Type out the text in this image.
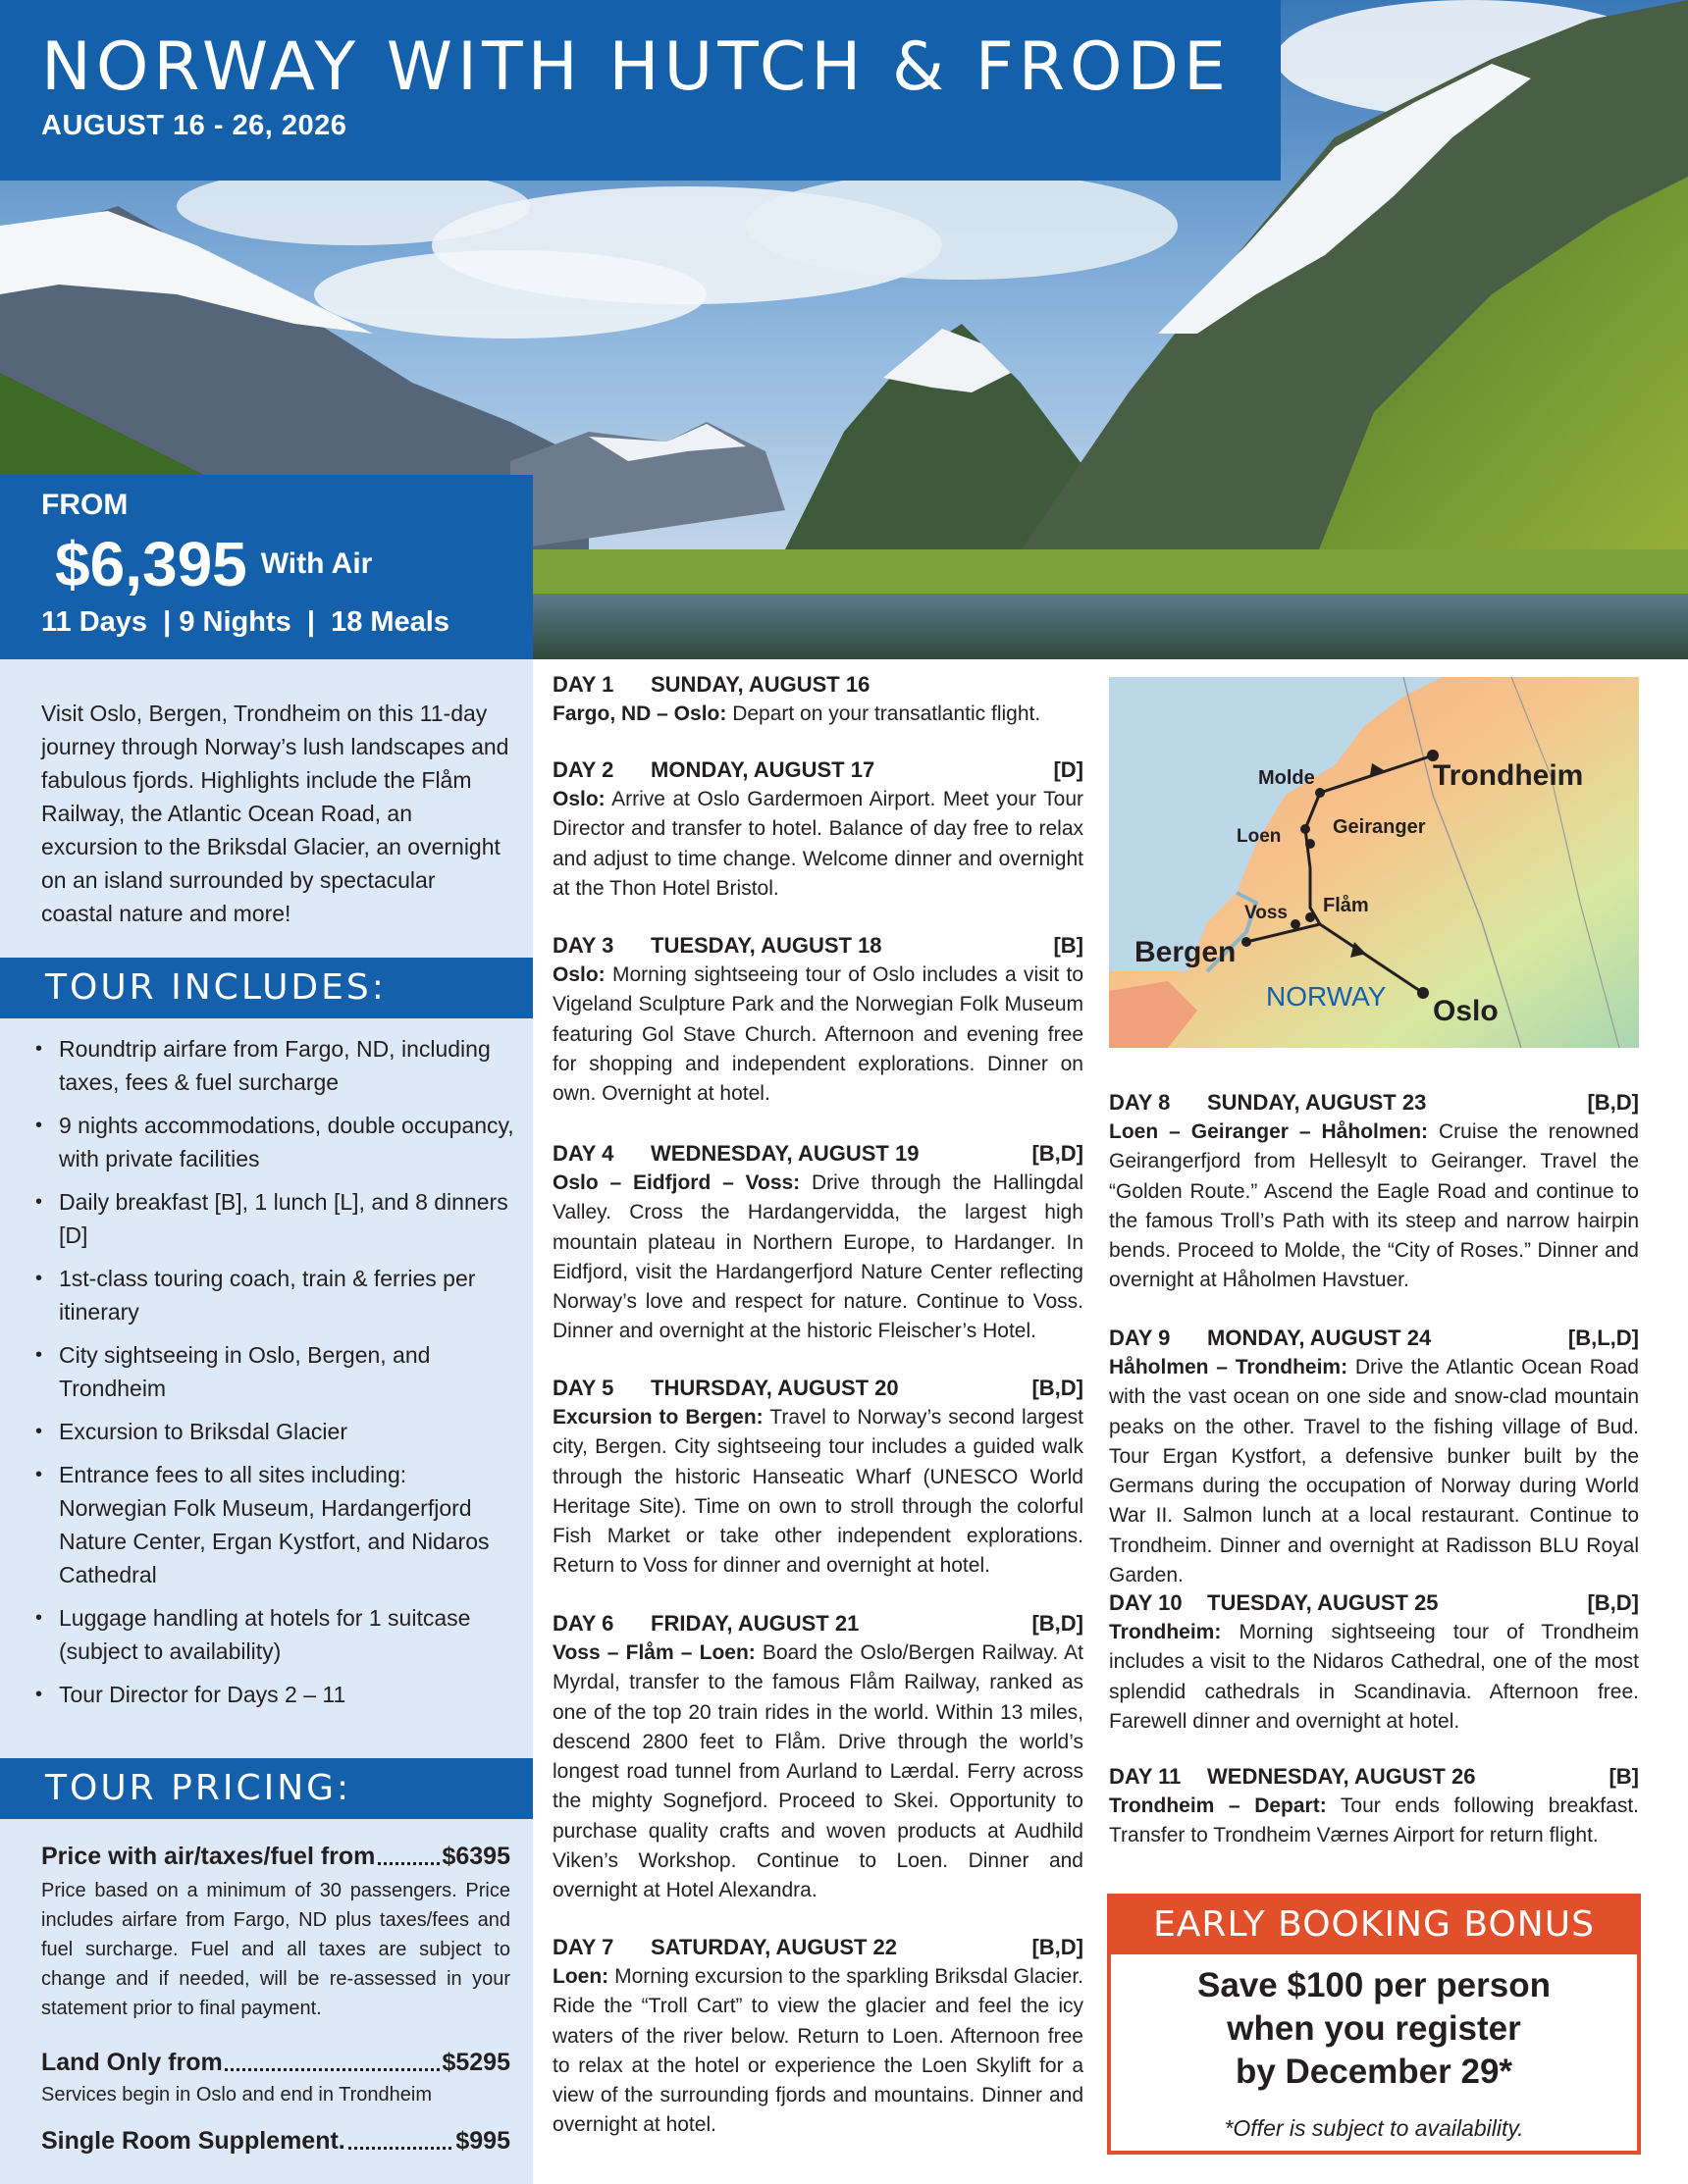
NORWAY WITH HUTCH & FRODE
AUGUST 16 - 26, 2026
FROM
$6,395 With Air
11 Days  | 9 Nights  |  18 Meals

Visit Oslo, Bergen, Trondheim on this 11-day journey through Norway’s lush landscapes and fabulous fjords. Highlights include the Flåm Railway, the Atlantic Ocean Road, an excursion to the Briksdal Glacier, an overnight on an island surrounded by spectacular coastal nature and more!

TOUR INCLUDES:
• Roundtrip airfare from Fargo, ND, including taxes, fees & fuel surcharge
• 9 nights accommodations, double occupancy, with private facilities
• Daily breakfast [B], 1 lunch [L], and 8 dinners [D]
• 1st-class touring coach, train & ferries per itinerary
• City sightseeing in Oslo, Bergen, and Trondheim
• Excursion to Briksdal Glacier
• Entrance fees to all sites including: Norwegian Folk Museum, Hardangerfjord Nature Center, Ergan Kystfort, and Nidaros Cathedral
• Luggage handling at hotels for 1 suitcase (subject to availability)
• Tour Director for Days 2 – 11
TOUR PRICING:
Price with air/taxes/fuel from	$6395

Price based on a minimum of 30 passengers. Price includes airfare from Fargo, ND plus taxes/fees and fuel surcharge. Fuel and all taxes are subject to change and if needed, will be re-assessed in your statement prior to final payment.

Land Only from	$5295

Services begin in Oslo and end in Trondheim

Single Room Supplement.	$995
DAY 1 SUNDAY, AUGUST 16
Fargo, ND – Oslo: Depart on your transatlantic flight.
DAY 2 MONDAY, AUGUST 17	[D]
Oslo: Arrive at Oslo Gardermoen Airport. Meet your Tour Director and transfer to hotel. Balance of day free to relax and adjust to time change. Welcome dinner and overnight at the Thon Hotel Bristol.
DAY 3 TUESDAY, AUGUST 18	[B]
Oslo: Morning sightseeing tour of Oslo includes a visit to Vigeland Sculpture Park and the Norwegian Folk Museum featuring Gol Stave Church. Afternoon and evening free for shopping and independent explorations. Dinner on own. Overnight at hotel.
DAY 4 WEDNESDAY, AUGUST 19	[B,D]
Oslo – Eidfjord – Voss: Drive through the Hallingdal Valley. Cross the Hardangervidda, the largest high mountain plateau in Northern Europe, to Hardanger. In Eidfjord, visit the Hardangerfjord Nature Center reflecting Norway’s love and respect for nature. Continue to Voss. Dinner and overnight at the historic Fleischer’s Hotel.
DAY 5 THURSDAY, AUGUST 20	[B,D]
Excursion to Bergen: Travel to Norway’s second largest city, Bergen. City sightseeing tour includes a guided walk through the historic Hanseatic Wharf (UNESCO World Heritage Site). Time on own to stroll through the colorful Fish Market or take other independent explorations. Return to Voss for dinner and overnight at hotel.
DAY 6 FRIDAY, AUGUST 21	[B,D]
Voss – Flåm – Loen: Board the Oslo/Bergen Railway. At Myrdal, transfer to the famous Flåm Railway, ranked as one of the top 20 train rides in the world. Within 13 miles, descend 2800 feet to Flåm. Drive through the world’s longest road tunnel from Aurland to Lærdal. Ferry across the mighty Sognefjord. Proceed to Skei. Opportunity to purchase quality crafts and woven products at Audhild Viken’s Workshop. Continue to Loen. Dinner and overnight at Hotel Alexandra.
DAY 7 SATURDAY, AUGUST 22	[B,D]
Loen: Morning excursion to the sparkling Briksdal Glacier. Ride the “Troll Cart” to view the glacier and feel the icy waters of the river below. Return to Loen. Afternoon free to relax at the hotel or experience the Loen Skylift for a view of the surrounding fjords and mountains. Dinner and overnight at hotel.
Molde	Trondheim
Geiranger
Loen
Voss Flåm
Bergen
NORWAY Oslo
DAY 8 SUNDAY, AUGUST 23	[B,D]
Loen – Geiranger – Håholmen: Cruise the renowned Geirangerfjord from Hellesylt to Geiranger. Travel the “Golden Route.” Ascend the Eagle Road and continue to the famous Troll’s Path with its steep and narrow hairpin bends. Proceed to Molde, the “City of Roses.” Dinner and overnight at Håholmen Havstuer.
DAY 9 MONDAY, AUGUST 24	[B,L,D]
Håholmen – Trondheim: Drive the Atlantic Ocean Road with the vast ocean on one side and snow-clad mountain peaks on the other. Travel to the fishing village of Bud. Tour Ergan Kystfort, a defensive bunker built by the Germans during the occupation of Norway during World War II. Salmon lunch at a local restaurant. Continue to Trondheim. Dinner and overnight at Radisson BLU Royal Garden.
DAY 10 TUESDAY, AUGUST 25	[B,D]
Trondheim: Morning sightseeing tour of Trondheim includes a visit to the Nidaros Cathedral, one of the most splendid cathedrals in Scandinavia. Afternoon free. Farewell dinner and overnight at hotel.
DAY 11 WEDNESDAY, AUGUST 26	[B]
Trondheim – Depart: Tour ends following breakfast. Transfer to Trondheim Værnes Airport for return flight.
EARLY BOOKING BONUS
Save $100 per person
when you register
by December 29*
*Offer is subject to availability.
